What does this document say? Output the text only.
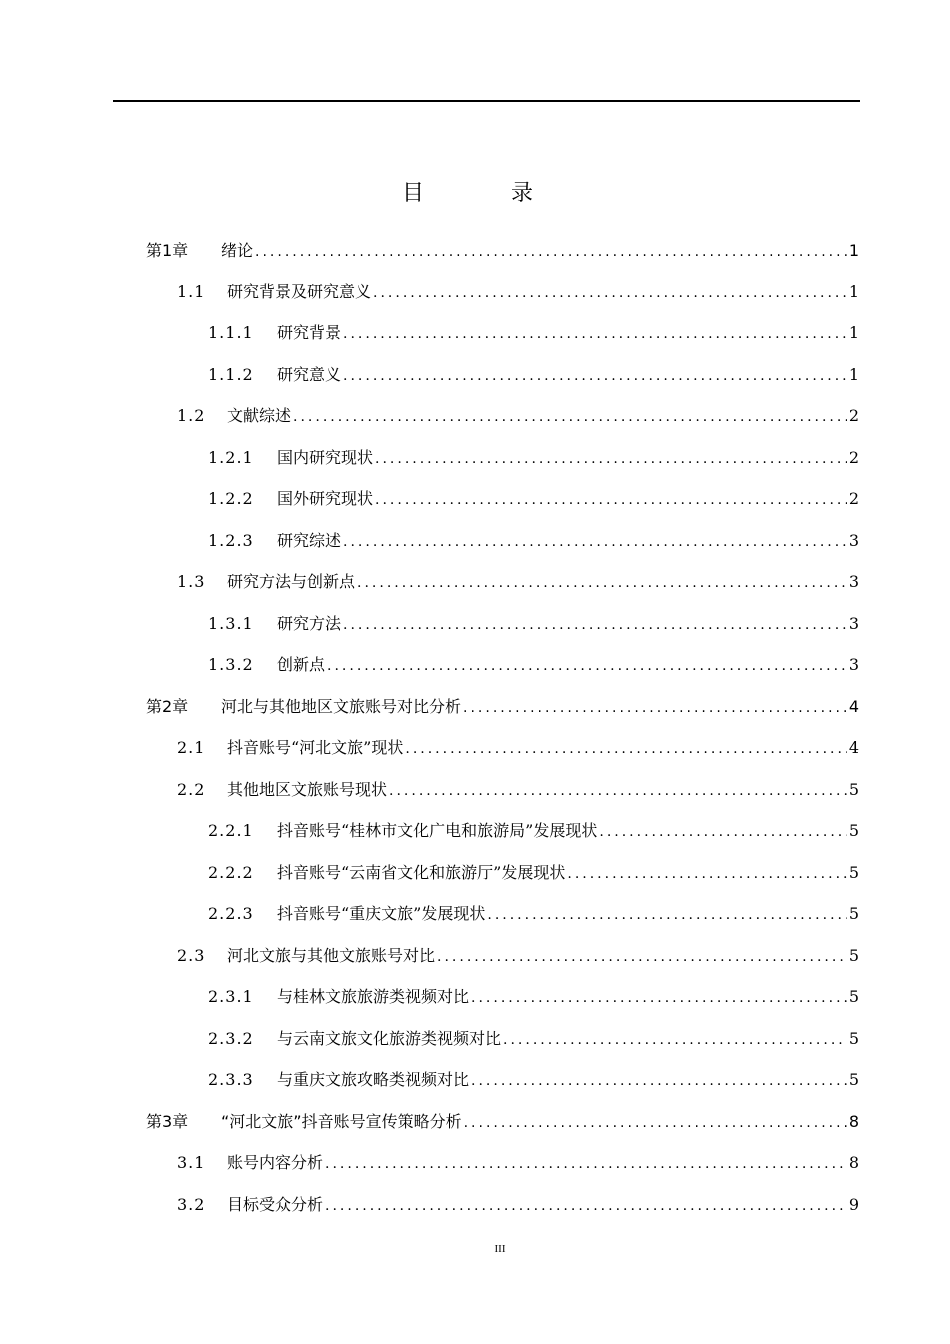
目 录
第1章	绪论 .....	1
1.1	研究背景及研究意义 .....	1
1.1.1	研究背景 .....	1
1.1.2	研究意义 .....	1
1.2	文献综述 .....	2
1.2.1	国内研究现状 .....	2
1.2.2	国外研究现状 .....	2
1.2.3	研究综述 .....	3
1.3	研究方法与创新点 .....	3
1.3.1	研究方法 .....	3
1.3.2	创新点 .....	3
第2章	河北与其他地区文旅账号对比分析 .....	4
2.1	抖音账号“河北文旅”现状 .....	4
2.2	其他地区文旅账号现状 .....	5
2.2.1	抖音账号“桂林市文化广电和旅游局”发展现状 .....	5
2.2.2	抖音账号“云南省文化和旅游厅”发展现状 .....	5
2.2.3	抖音账号“重庆文旅”发展现状 .....	5
2.3	河北文旅与其他文旅账号对比 .....	5
2.3.1	与桂林文旅旅游类视频对比 .....	5
2.3.2	与云南文旅文化旅游类视频对比 .....	5
2.3.3	与重庆文旅攻略类视频对比 .....	5
第3章	“河北文旅”抖音账号宣传策略分析 .....	8
3.1	账号内容分析 .....	8
3.2	目标受众分析 .....	9
III
